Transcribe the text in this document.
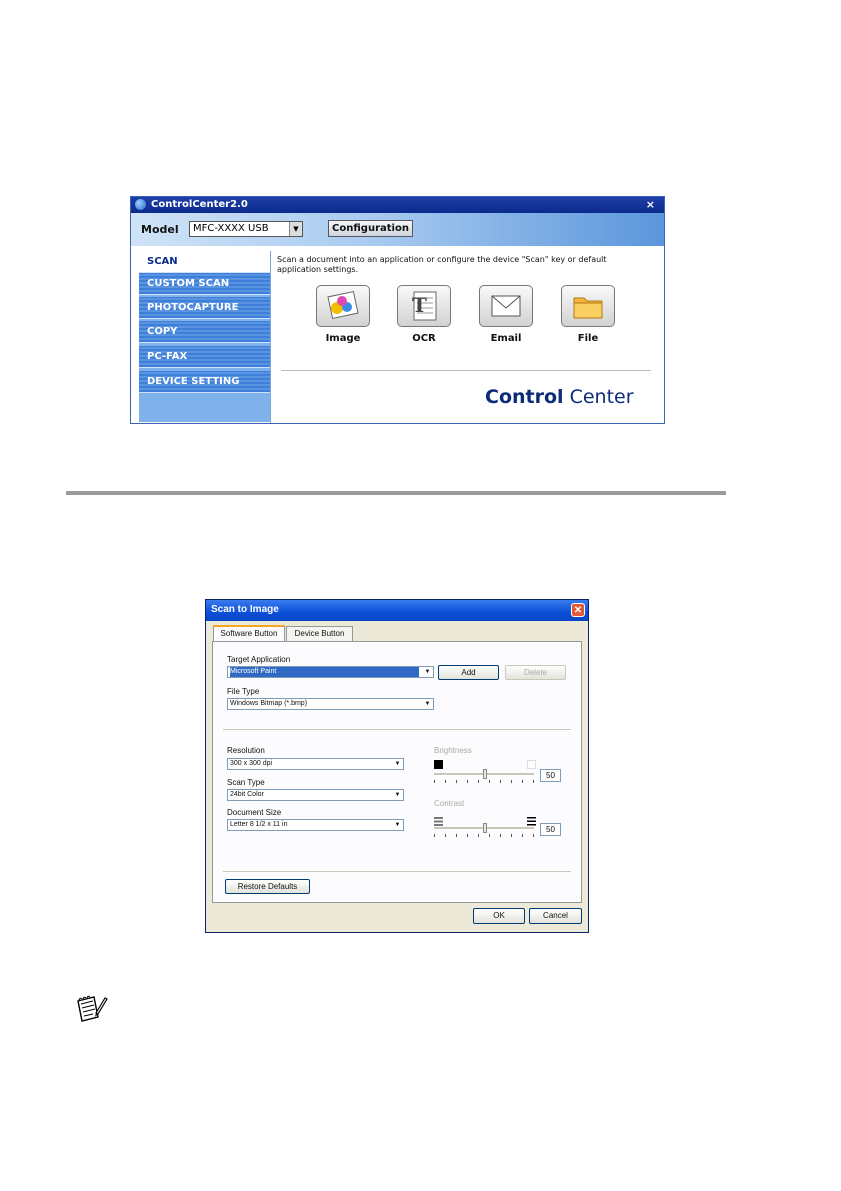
ControlCenter2.0	×
Model	MFC-XXXX USB	▼	Configuration
SCAN
CUSTOM SCAN
PHOTOCAPTURE
COPY
PC-FAX
DEVICE SETTING
Scan a document into an application or configure the device "Scan" key or default application settings.
Image
T
OCR	Email	File
Control Center
Scan to Image	✕
Software Button	Device Button
Target Application
Microsoft Paint	▼	Add	Delete
File Type
Windows Bitmap (*.bmp)	▼
Resolution
300 x 300 dpi	▼
Scan Type
24bit Color	▼
Document Size
Letter 8 1/2 x 11 in	▼
Brightness
50
Contrast
50
Restore Defaults
OK	Cancel
